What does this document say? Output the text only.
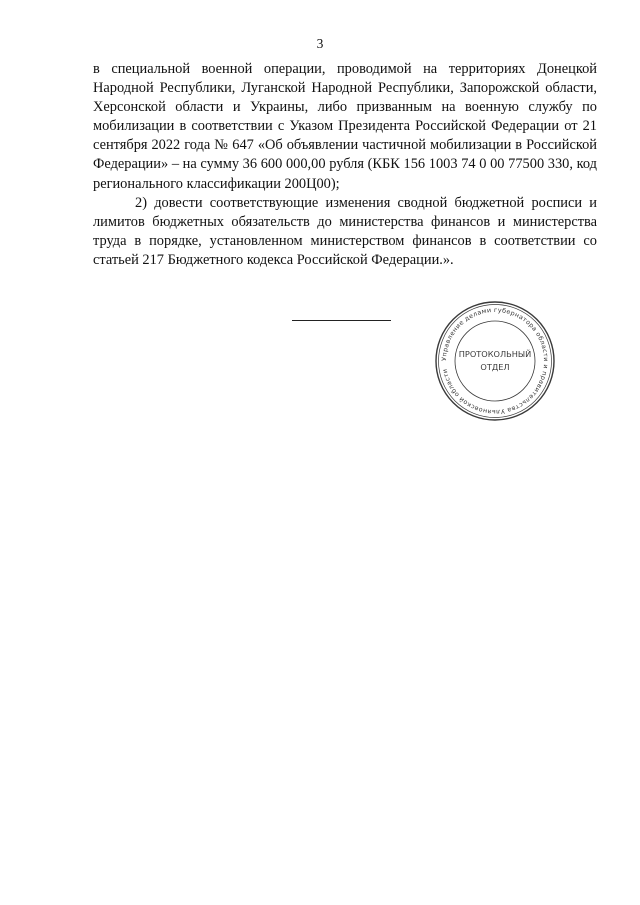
3

в специальной военной операции, проводимой на территориях Донецкой Народной Республики, Луганской Народной Республики, Запорожской области, Херсонской области и Украины, либо призванным на военную службу по мобилизации в соответствии с Указом Президента Российской Федерации от 21 сентября 2022 года № 647 «Об объявлении частичной мобилизации в Российской Федерации» – на сумму 36 600 000,00 рубля (КБК 156 1003 74 0 00 77500 330, код регионального классификации 200Ц00);

2) довести соответствующие изменения сводной бюджетной росписи и лимитов бюджетных обязательств до министерства финансов и министерства труда в порядке, установленном министерством финансов в соответствии со статьей 217 Бюджетного кодекса Российской Федерации.».

Управление делами губернатора области и правительства Ульяновской области
ПРОТОКОЛЬНЫЙ
ОТДЕЛ
